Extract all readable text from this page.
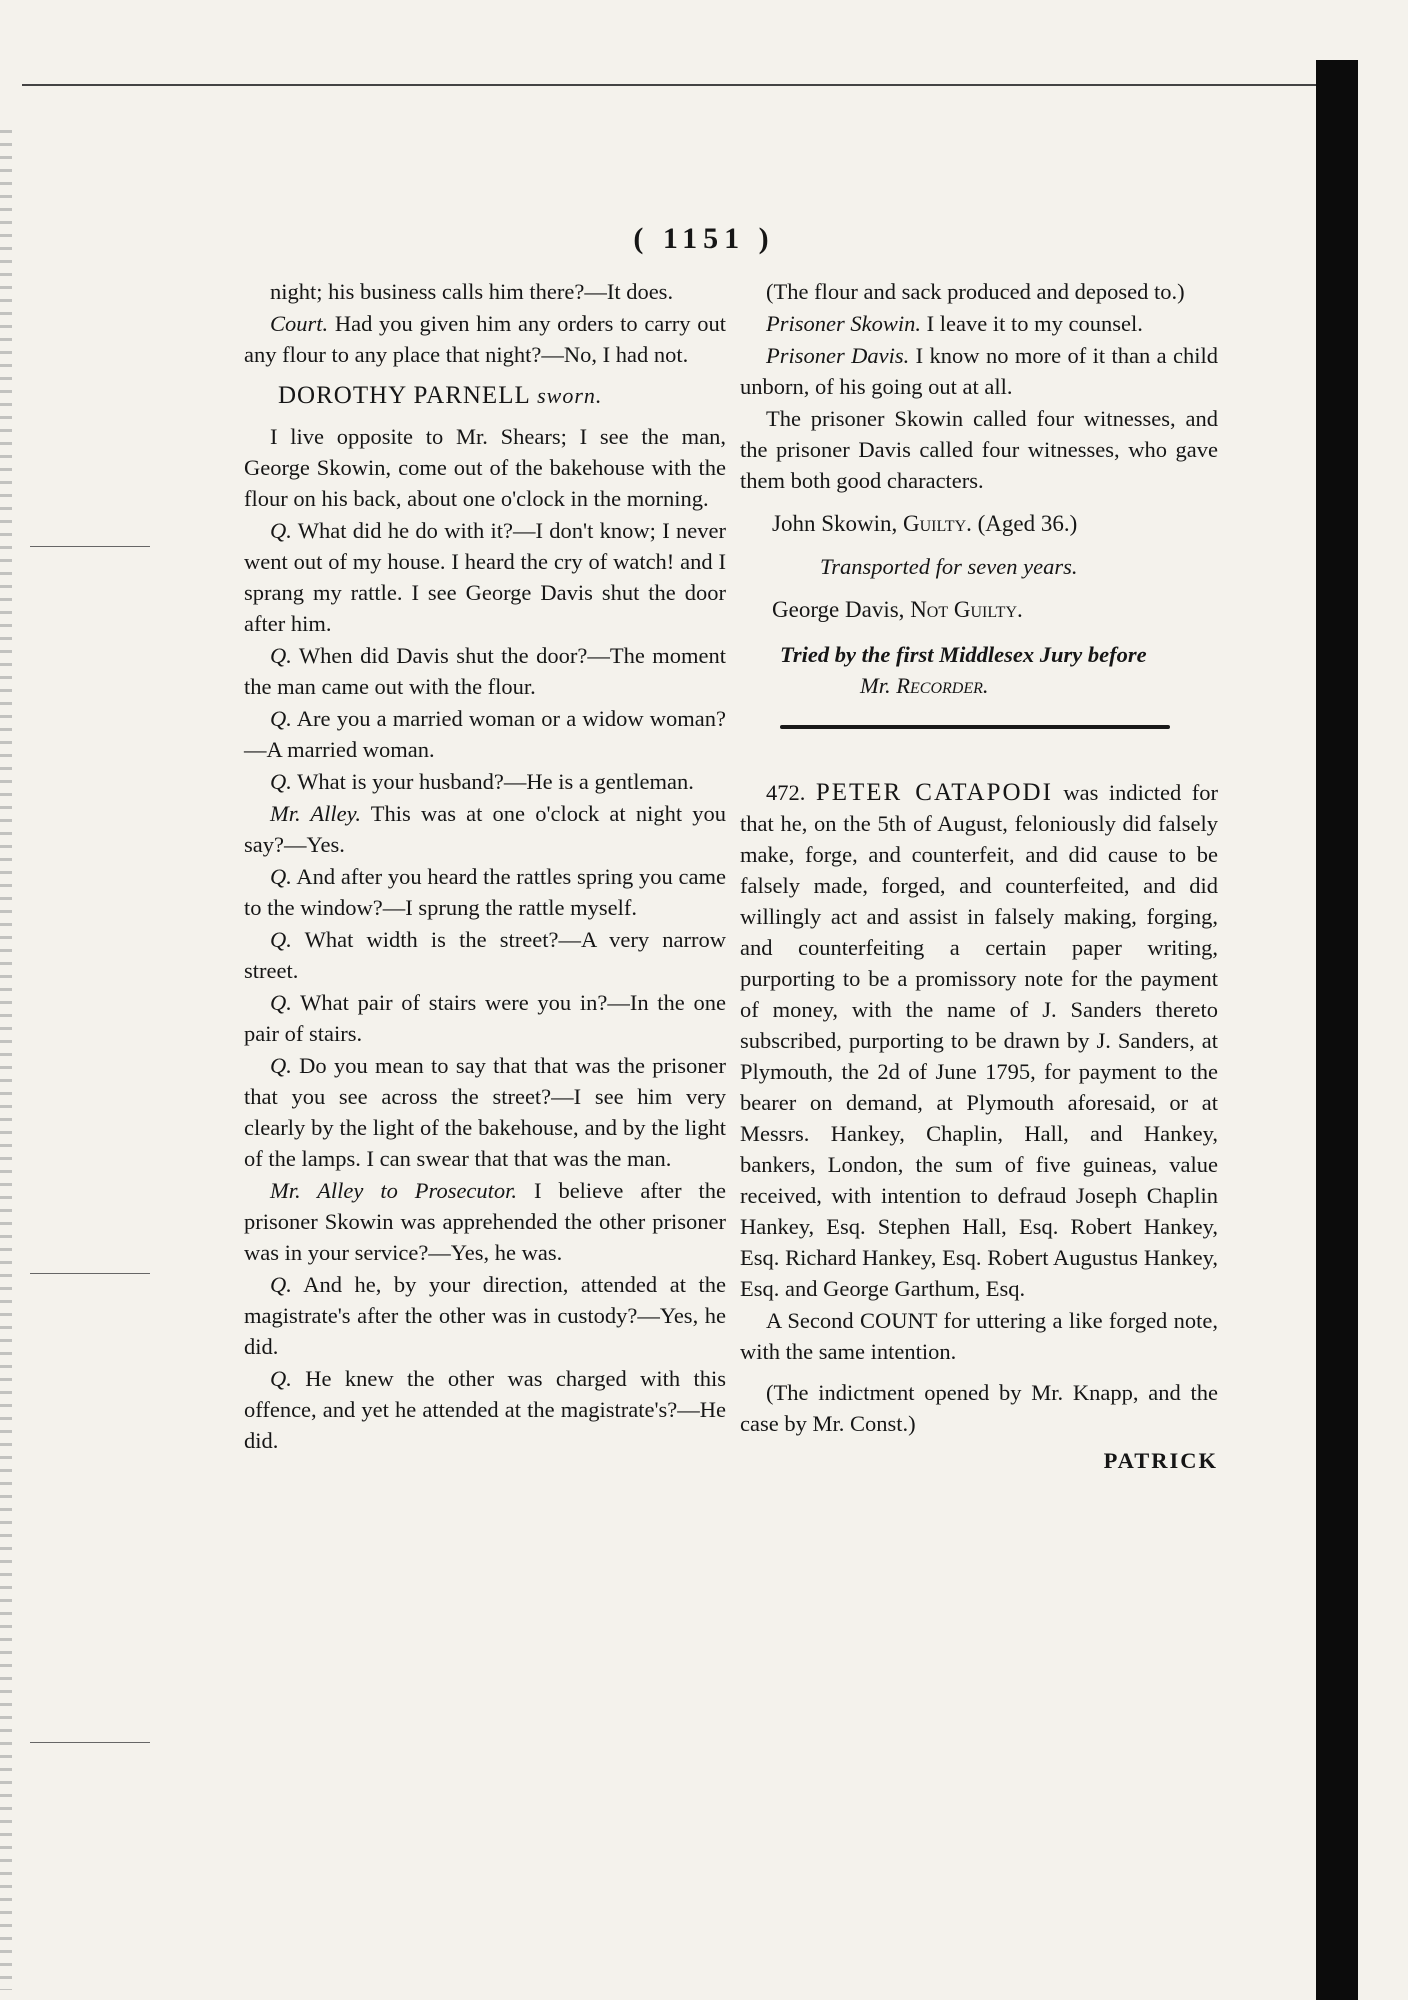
( 1151 )

night; his business calls him there?—It does.

Court. Had you given him any orders to carry out any flour to any place that night?—No, I had not.

DOROTHY PARNELL sworn.

I live opposite to Mr. Shears; I see the man, George Skowin, come out of the bakehouse with the flour on his back, about one o'clock in the morning.

Q. What did he do with it?—I don't know; I never went out of my house. I heard the cry of watch! and I sprang my rattle. I see George Davis shut the door after him.

Q. When did Davis shut the door?—The moment the man came out with the flour.

Q. Are you a married woman or a widow woman?—A married woman.

Q. What is your husband?—He is a gentleman.

Mr. Alley. This was at one o'clock at night you say?—Yes.

Q. And after you heard the rattles spring you came to the window?—I sprung the rattle myself.

Q. What width is the street?—A very narrow street.

Q. What pair of stairs were you in?—In the one pair of stairs.

Q. Do you mean to say that that was the prisoner that you see across the street?—I see him very clearly by the light of the bakehouse, and by the light of the lamps. I can swear that that was the man.

Mr. Alley to Prosecutor. I believe after the prisoner Skowin was apprehended the other prisoner was in your service?—Yes, he was.

Q. And he, by your direction, attended at the magistrate's after the other was in custody?—Yes, he did.

Q. He knew the other was charged with this offence, and yet he attended at the magistrate's?—He did.

(The flour and sack produced and deposed to.)

Prisoner Skowin. I leave it to my counsel.

Prisoner Davis. I know no more of it than a child unborn, of his going out at all.

The prisoner Skowin called four witnesses, and the prisoner Davis called four witnesses, who gave them both good characters.

John Skowin, Guilty. (Aged 36.)

Transported for seven years.

George Davis, Not Guilty.

Tried by the first Middlesex Jury before

Mr. Recorder.

472. PETER CATAPODI was indicted for that he, on the 5th of August, feloniously did falsely make, forge, and counterfeit, and did cause to be falsely made, forged, and counterfeited, and did willingly act and assist in falsely making, forging, and counterfeiting a certain paper writing, purporting to be a promissory note for the payment of money, with the name of J. Sanders thereto subscribed, purporting to be drawn by J. Sanders, at Plymouth, the 2d of June 1795, for payment to the bearer on demand, at Plymouth aforesaid, or at Messrs. Hankey, Chaplin, Hall, and Hankey, bankers, London, the sum of five guineas, value received, with intention to defraud Joseph Chaplin Hankey, Esq. Stephen Hall, Esq. Robert Hankey, Esq. Richard Hankey, Esq. Robert Augustus Hankey, Esq. and George Garthum, Esq.

A Second COUNT for uttering a like forged note, with the same intention.

(The indictment opened by Mr. Knapp, and the case by Mr. Const.)

PATRICK
